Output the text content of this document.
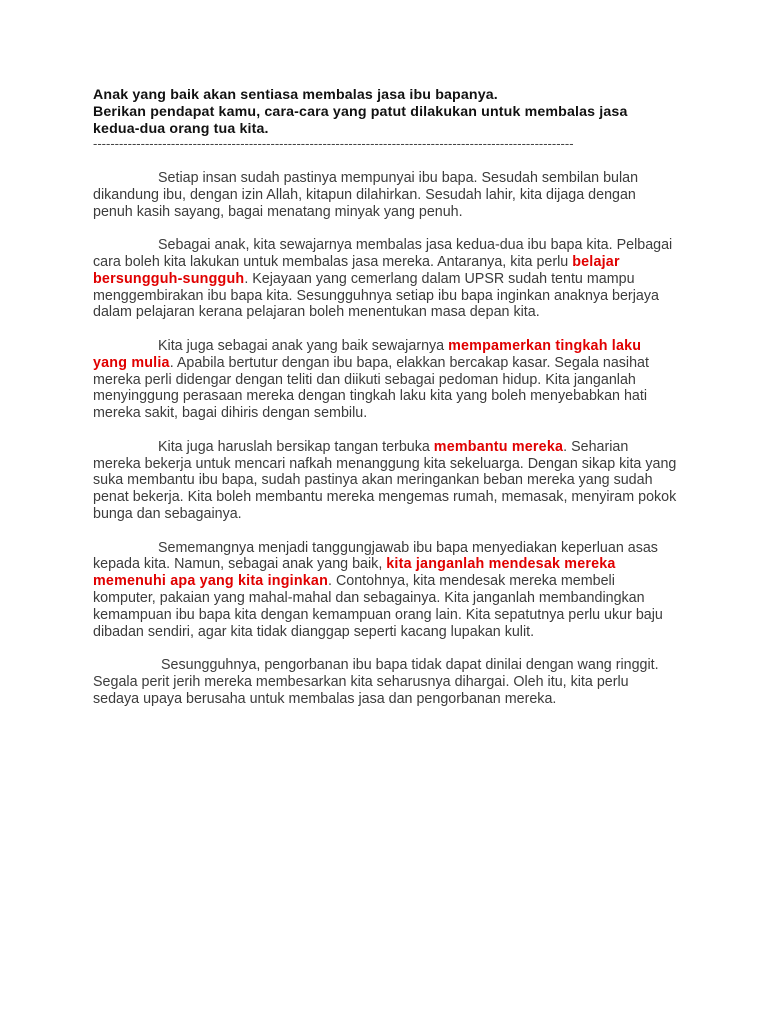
Anak yang baik akan sentiasa membalas jasa ibu bapanya.
Berikan pendapat kamu, cara-cara yang patut dilakukan untuk membalas jasa
kedua-dua orang tua kita.
---------------------------------------------------------------------------------------------------------------

Setiap insan sudah pastinya mempunyai ibu bapa. Sesudah sembilan bulan dikandung ibu, dengan izin Allah, kitapun dilahirkan. Sesudah lahir, kita dijaga dengan penuh kasih sayang, bagai menatang minyak yang penuh.

Sebagai anak, kita sewajarnya membalas jasa kedua-dua ibu bapa kita. Pelbagai cara boleh kita lakukan untuk membalas jasa mereka. Antaranya, kita perlu belajar bersungguh-sungguh. Kejayaan yang cemerlang dalam UPSR sudah tentu mampu menggembirakan ibu bapa kita. Sesungguhnya setiap ibu bapa inginkan anaknya berjaya dalam pelajaran kerana pelajaran boleh menentukan masa depan kita.

Kita juga sebagai anak yang baik sewajarnya mempamerkan tingkah laku yang mulia. Apabila bertutur dengan ibu bapa, elakkan bercakap kasar. Segala nasihat mereka perli didengar dengan teliti dan diikuti sebagai pedoman hidup. Kita janganlah menyinggung perasaan mereka dengan tingkah laku kita yang boleh menyebabkan hati mereka sakit, bagai dihiris dengan sembilu.

Kita juga haruslah bersikap tangan terbuka membantu mereka. Seharian mereka bekerja untuk mencari nafkah menanggung kita sekeluarga. Dengan sikap kita yang suka membantu ibu bapa, sudah pastinya akan meringankan beban mereka yang sudah penat bekerja. Kita boleh membantu mereka mengemas rumah, memasak, menyiram pokok bunga dan sebagainya.

Sememangnya menjadi tanggungjawab ibu bapa menyediakan keperluan asas kepada kita. Namun, sebagai anak yang baik, kita janganlah mendesak mereka memenuhi apa yang kita inginkan. Contohnya, kita mendesak mereka membeli komputer, pakaian yang mahal-mahal dan sebagainya. Kita janganlah membandingkan kemampuan ibu bapa kita dengan kemampuan orang lain. Kita sepatutnya perlu ukur baju dibadan sendiri, agar kita tidak dianggap seperti kacang lupakan kulit.

Sesungguhnya, pengorbanan ibu bapa tidak dapat dinilai dengan wang ringgit. Segala perit jerih mereka membesarkan kita seharusnya dihargai. Oleh itu, kita perlu sedaya upaya berusaha untuk membalas jasa dan pengorbanan mereka.
